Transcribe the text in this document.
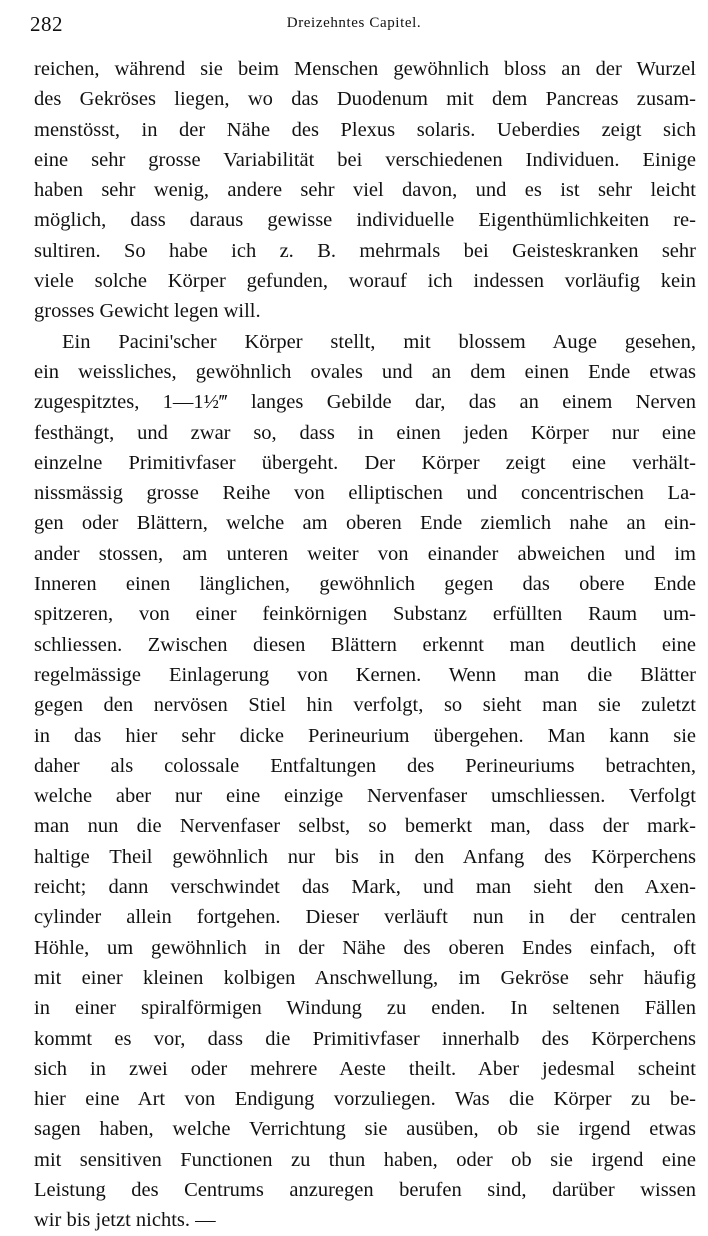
282	Dreizehntes Capitel.
reichen, während sie beim Menschen gewöhnlich bloss an der Wurzel
des Gekröses liegen, wo das Duodenum mit dem Pancreas zusam-
menstösst, in der Nähe des Plexus solaris. Ueberdies zeigt sich
eine sehr grosse Variabilität bei verschiedenen Individuen. Einige
haben sehr wenig, andere sehr viel davon, und es ist sehr leicht
möglich, dass daraus gewisse individuelle Eigenthümlichkeiten re-
sultiren. So habe ich z. B. mehrmals bei Geisteskranken sehr
viele solche Körper gefunden, worauf ich indessen vorläufig kein
grosses Gewicht legen will.
Ein Pacini'scher Körper stellt, mit blossem Auge gesehen,
ein weissliches, gewöhnlich ovales und an dem einen Ende etwas
zugespitztes, 1—1½‴ langes Gebilde dar, das an einem Nerven
festhängt, und zwar so, dass in einen jeden Körper nur eine
einzelne Primitivfaser übergeht. Der Körper zeigt eine verhält-
nissmässig grosse Reihe von elliptischen und concentrischen La-
gen oder Blättern, welche am oberen Ende ziemlich nahe an ein-
ander stossen, am unteren weiter von einander abweichen und im
Inneren einen länglichen, gewöhnlich gegen das obere Ende
spitzeren, von einer feinkörnigen Substanz erfüllten Raum um-
schliessen. Zwischen diesen Blättern erkennt man deutlich eine
regelmässige Einlagerung von Kernen. Wenn man die Blätter
gegen den nervösen Stiel hin verfolgt, so sieht man sie zuletzt
in das hier sehr dicke Perineurium übergehen. Man kann sie
daher als colossale Entfaltungen des Perineuriums betrachten,
welche aber nur eine einzige Nervenfaser umschliessen. Verfolgt
man nun die Nervenfaser selbst, so bemerkt man, dass der mark-
haltige Theil gewöhnlich nur bis in den Anfang des Körperchens
reicht; dann verschwindet das Mark, und man sieht den Axen-
cylinder allein fortgehen. Dieser verläuft nun in der centralen
Höhle, um gewöhnlich in der Nähe des oberen Endes einfach, oft
mit einer kleinen kolbigen Anschwellung, im Gekröse sehr häufig
in einer spiralförmigen Windung zu enden. In seltenen Fällen
kommt es vor, dass die Primitivfaser innerhalb des Körperchens
sich in zwei oder mehrere Aeste theilt. Aber jedesmal scheint
hier eine Art von Endigung vorzuliegen. Was die Körper zu be-
sagen haben, welche Verrichtung sie ausüben, ob sie irgend etwas
mit sensitiven Functionen zu thun haben, oder ob sie irgend eine
Leistung des Centrums anzuregen berufen sind, darüber wissen
wir bis jetzt nichts. —
